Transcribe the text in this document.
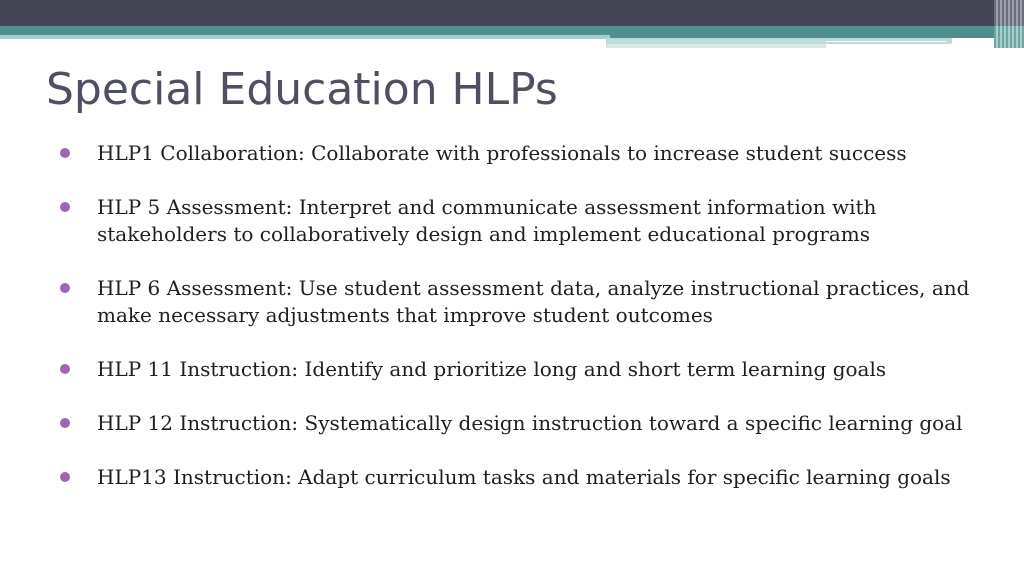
Special Education HLPs
HLP1 Collaboration: Collaborate with professionals to increase student success
HLP 5 Assessment: Interpret and communicate assessment information with stakeholders to collaboratively design and implement educational programs
HLP 6 Assessment: Use student assessment data, analyze instructional practices, and make necessary adjustments that improve student outcomes
HLP 11 Instruction: Identify and prioritize long and short term learning goals
HLP 12 Instruction: Systematically design instruction toward a specific learning goal
HLP13 Instruction: Adapt curriculum tasks and materials for specific learning goals
